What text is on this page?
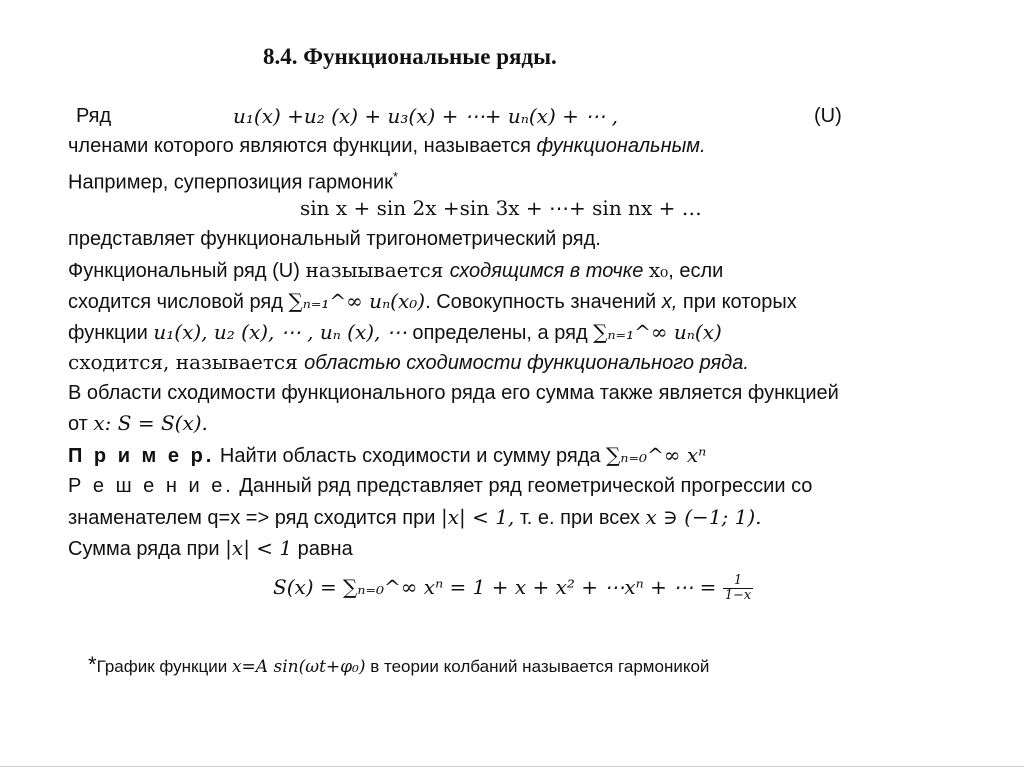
8.4. Функциональные ряды.
Ряд	u₁(x) +u₂ (x) + u₃(x) + ⋯+ uₙ(x) + ⋯ ,	(U)
членами которого являются функции, называется функциональным.
Например, суперпозиция гармоник*
sin x + sin 2x +sin 3x + ⋯+ sin nx + …
представляет функциональный тригонометрический ряд.
Функциональный ряд (U) назыывается сходящимся в точке x₀, если
сходится числовой ряд ∑ₙ₌₁^∞ uₙ(x₀). Совокупность значений x, при которых
функции u₁(x), u₂ (x), ⋯ , uₙ (x), ⋯ определены, а ряд ∑ₙ₌₁^∞ uₙ(x)
сходится, называется областью сходимости функционального ряда.
В области сходимости функционального ряда его сумма также является функцией
от x: S = S(x).
П р и м е р. Найти область сходимости и сумму ряда ∑ₙ₌₀^∞ xⁿ
Р е ш е н и е. Данный ряд представляет ряд геометрической прогрессии со
знаменателем q=x => ряд сходится при |x| < 1, т. е. при всех x ∋ (−1; 1).
Сумма ряда при |x| < 1 равна
S(x) = ∑ₙ₌₀^∞ xⁿ = 1 + x + x² + ⋯xⁿ + ⋯ = $\frac{1}{1-x}$
*График функции x=A sin(ωt+φ₀) в теории колбаний называется гармоникой
